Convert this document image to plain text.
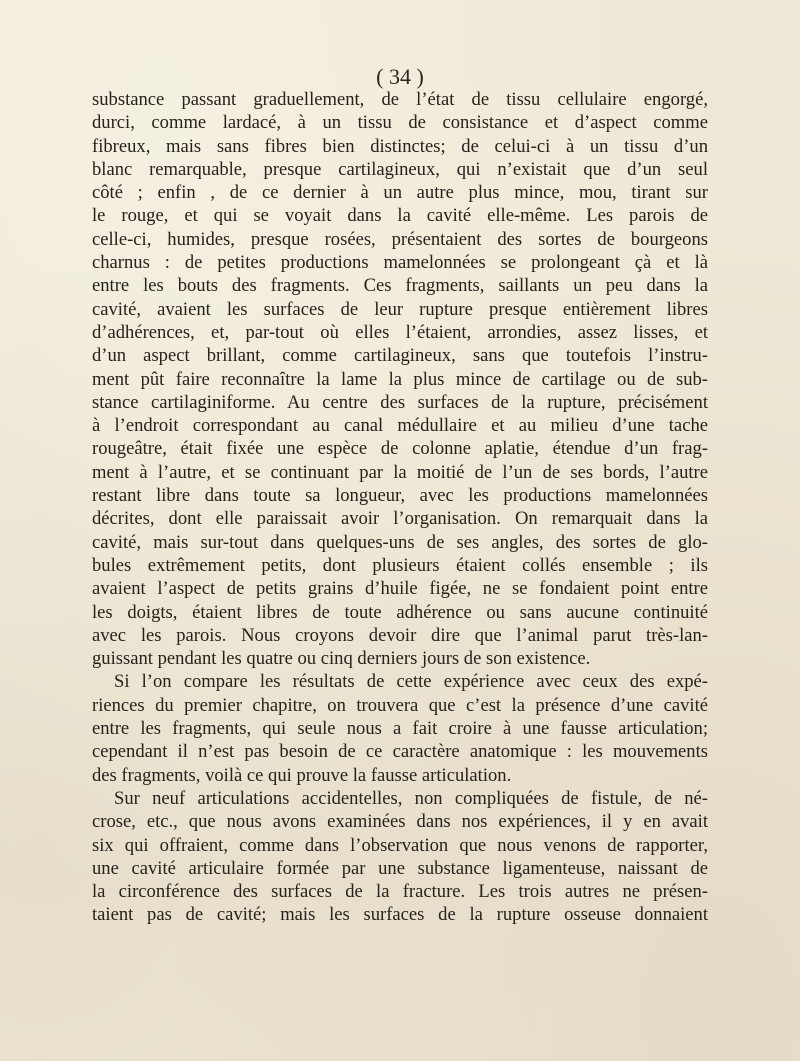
( 34 )
substance passant graduellement, de l’état de tissu cellulaire engorgé,
durci, comme lardacé, à un tissu de consistance et d’aspect comme
fibreux, mais sans fibres bien distinctes; de celui-ci à un tissu d’un
blanc remarquable, presque cartilagineux, qui n’existait que d’un seul
côté ; enfin , de ce dernier à un autre plus mince, mou, tirant sur
le rouge, et qui se voyait dans la cavité elle-même. Les parois de
celle-ci, humides, presque rosées, présentaient des sortes de bourgeons
charnus : de petites productions mamelonnées se prolongeant çà et là
entre les bouts des fragments. Ces fragments, saillants un peu dans la
cavité, avaient les surfaces de leur rupture presque entièrement libres
d’adhérences, et, par-tout où elles l’étaient, arrondies, assez lisses, et
d’un aspect brillant, comme cartilagineux, sans que toutefois l’instru-
ment pût faire reconnaître la lame la plus mince de cartilage ou de sub-
stance cartilaginiforme. Au centre des surfaces de la rupture, précisément
à l’endroit correspondant au canal médullaire et au milieu d’une tache
rougeâtre, était fixée une espèce de colonne aplatie, étendue d’un frag-
ment à l’autre, et se continuant par la moitié de l’un de ses bords, l’autre
restant libre dans toute sa longueur, avec les productions mamelonnées
décrites, dont elle paraissait avoir l’organisation. On remarquait dans la
cavité, mais sur-tout dans quelques-uns de ses angles, des sortes de glo-
bules extrêmement petits, dont plusieurs étaient collés ensemble ; ils
avaient l’aspect de petits grains d’huile figée, ne se fondaient point entre
les doigts, étaient libres de toute adhérence ou sans aucune continuité
avec les parois. Nous croyons devoir dire que l’animal parut très-lan-
guissant pendant les quatre ou cinq derniers jours de son existence.
Si l’on compare les résultats de cette expérience avec ceux des expé-
riences du premier chapitre, on trouvera que c’est la présence d’une cavité
entre les fragments, qui seule nous a fait croire à une fausse articulation;
cependant il n’est pas besoin de ce caractère anatomique : les mouvements
des fragments, voilà ce qui prouve la fausse articulation.
Sur neuf articulations accidentelles, non compliquées de fistule, de né-
crose, etc., que nous avons examinées dans nos expériences, il y en avait
six qui offraient, comme dans l’observation que nous venons de rapporter,
une cavité articulaire formée par une substance ligamenteuse, naissant de
la circonférence des surfaces de la fracture. Les trois autres ne présen-
taient pas de cavité; mais les surfaces de la rupture osseuse donnaient
